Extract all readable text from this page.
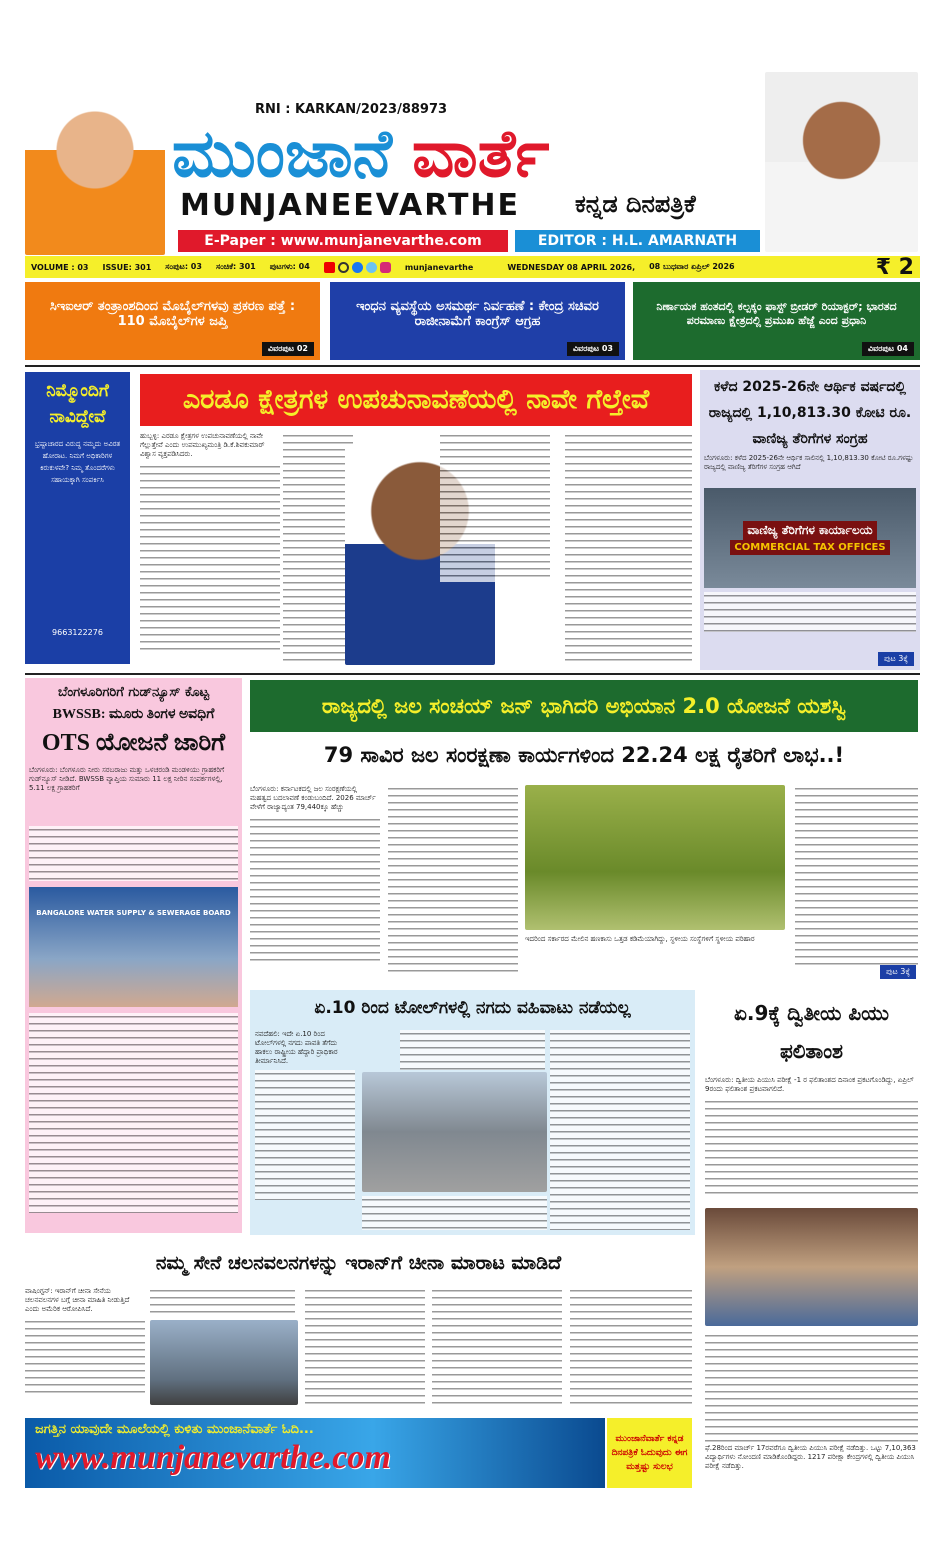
RNI : KARKAN/2023/88973
ಮುಂಜಾನೆ ವಾರ್ತೆ
MUNJANEEVARTHE ಕನ್ನಡ ದಿನಪತ್ರಿಕೆ
E-Paper : www.munjanevarthe.com	EDITOR : H.L. AMARNATH
VOLUME : 03 ISSUE: 301 ಸಂಪುಟ: 03 ಸಂಚಿಕೆ: 301 ಪುಟಗಳು: 04	munjanevarthe	WEDNESDAY 08 APRIL 2026, 08 ಬುಧವಾರ ಏಪ್ರಿಲ್ 2026	₹ 2
ಸಿಇಐಆರ್ ತಂತ್ರಾಂಶದಿಂದ ಮೊಬೈಲ್‌ಗಳವು ಪ್ರಕರಣ ಪತ್ತೆ : 110 ಮೊಬೈಲ್‌ಗಳ ಜಪ್ತಿ
ವಿವರಪುಟ 02
ಇಂಧನ ವ್ಯವಸ್ಥೆಯ ಅಸಮರ್ಥ ನಿರ್ವಹಣೆ : ಕೇಂದ್ರ ಸಚಿವರ ರಾಜೀನಾಮೆಗೆ ಕಾಂಗ್ರೆಸ್ ಆಗ್ರಹ
ವಿವರಪುಟ 03
ನಿರ್ಣಾಯಕ ಹಂತದಲ್ಲಿ ಕಲ್ಪಕ್ಕಂ ಫಾಸ್ಟ್ ಬ್ರೀಡರ್ ರಿಯಾಕ್ಟರ್; ಭಾರತದ ಪರಮಾಣು ಕ್ಷೇತ್ರದಲ್ಲಿ ಪ್ರಮುಖ ಹೆಜ್ಜೆ ಎಂದ ಪ್ರಧಾನಿ
ವಿವರಪುಟ 04
ನಿಮ್ಮೊಂದಿಗೆ ನಾವಿದ್ದೇವೆ
ಭ್ರಷ್ಟಾಚಾರದ ವಿರುದ್ಧ ನಮ್ಮದು ಅವಿರತ ಹೋರಾಟ. ನಿಮಗೆ ಅಧಿಕಾರಿಗಳ ಕಿರುಕುಳವೇ? ನಿಮ್ಮ ತೊಂದರೆಗಳು ಸಹಾಯಕ್ಕಾಗಿ ಸಂಪರ್ಕಿಸಿ
9663122276
ಎರಡೂ ಕ್ಷೇತ್ರಗಳ ಉಪಚುನಾವಣೆಯಲ್ಲಿ ನಾವೇ ಗೆಲ್ತೇವೆ
ಹುಬ್ಬಳ್ಳಿ: ಎರಡೂ ಕ್ಷೇತ್ರಗಳ ಉಪಚುನಾವಣೆಯಲ್ಲಿ ನಾವೇ ಗೆಲ್ಲುತ್ತೇವೆ ಎಂದು ಉಪಮುಖ್ಯಮಂತ್ರಿ ಡಿ.ಕೆ.ಶಿವಕುಮಾರ್ ವಿಶ್ವಾಸ ವ್ಯಕ್ತಪಡಿಸಿದರು.
ಕಳೆದ 2025-26ನೇ ಆರ್ಥಿಕ ವರ್ಷದಲ್ಲಿ ರಾಜ್ಯದಲ್ಲಿ 1,10,813.30 ಕೋಟಿ ರೂ. ವಾಣಿಜ್ಯ ತೆರಿಗೆಗಳ ಸಂಗ್ರಹ
ಬೆಂಗಳೂರು: ಕಳೆದ 2025-26ನೇ ಆರ್ಥಿಕ ಸಾಲಿನಲ್ಲಿ 1,10,813.30 ಕೋಟಿ ರೂ.ಗಳಷ್ಟು ರಾಜ್ಯದಲ್ಲಿ ವಾಣಿಜ್ಯ ತೆರಿಗೆಗಳ ಸಂಗ್ರಹ ಆಗಿದೆ
ವಾಣಿಜ್ಯ ತೆರಿಗೆಗಳ ಕಾರ್ಯಾಲಯ
COMMERCIAL TAX OFFICES
ಪುಟ 3ಕ್ಕೆ
ಬೆಂಗಳೂರಿಗರಿಗೆ ಗುಡ್‌ನ್ಯೂಸ್ ಕೊಟ್ಟ
BWSSB: ಮೂರು ತಿಂಗಳ ಅವಧಿಗೆ
OTS ಯೋಜನೆ ಜಾರಿಗೆ
ಬೆಂಗಳೂರು: ಬೆಂಗಳೂರು ನೀರು ಸರಬರಾಜು ಮತ್ತು ಒಳಚರಂಡಿ ಮಂಡಳಿಯು ಗ್ರಾಹಕರಿಗೆ ಗುಡ್‌ನ್ಯೂಸ್ ನೀಡಿದೆ. BWSSB ವ್ಯಾಪ್ತಿಯ ಸುಮಾರು 11 ಲಕ್ಷ ನೀರಿನ ಸಂಪರ್ಕಗಳಲ್ಲಿ, 5.11 ಲಕ್ಷ ಗ್ರಾಹಕರಿಗೆ
BANGALORE WATER SUPPLY & SEWERAGE BOARD
ರಾಜ್ಯದಲ್ಲಿ ಜಲ ಸಂಚಯ್ ಜನ್ ಭಾಗಿದರಿ ಅಭಿಯಾನ 2.0 ಯೋಜನೆ ಯಶಸ್ವಿ
79 ಸಾವಿರ ಜಲ ಸಂರಕ್ಷಣಾ ಕಾರ್ಯಗಳಿಂದ 22.24 ಲಕ್ಷ ರೈತರಿಗೆ ಲಾಭ..!
ಬೆಂಗಳೂರು: ಕರ್ನಾಟಕದಲ್ಲಿ ಜಲ ಸಂರಕ್ಷಣೆಯಲ್ಲಿ ಮಹತ್ವದ ಬದಲಾವಣೆ ಕಂಡುಬಂದಿದೆ. 2026 ಮಾರ್ಚ್ ವೇಳೆಗೆ ರಾಜ್ಯಾದ್ಯಂತ 79,440ಕ್ಕೂ ಹೆಚ್ಚು
ಇದರಿಂದ ಸರ್ಕಾರದ ಮೇಲಿನ ಹಣಕಾಸು ಒತ್ತಡ ಕಡಿಮೆಯಾಗಿದ್ದು, ಸ್ಥಳೀಯ ಸಂಸ್ಥೆಗಳಿಗೆ ಸ್ಥಳೀಯ ಪರಿಹಾರ
ಪುಟ 3ಕ್ಕೆ
ಏ.10 ರಿಂದ ಟೋಲ್‌ಗಳಲ್ಲಿ ನಗದು ವಹಿವಾಟು ನಡೆಯಲ್ಲ
ನವದೆಹಲಿ: ಇದೇ ಏ.10 ರಿಂದ ಟೋಲ್‌ಗಳಲ್ಲಿ ನಗದು ಪಾವತಿ ತೆಗೆದು ಹಾಕಲು ರಾಷ್ಟ್ರೀಯ ಹೆದ್ದಾರಿ ಪ್ರಾಧಿಕಾರ ತೀರ್ಮಾನಿಸಿದೆ.
ಏ.9ಕ್ಕೆ ದ್ವಿತೀಯ ಪಿಯು ಫಲಿತಾಂಶ
ಬೆಂಗಳೂರು: ದ್ವಿತೀಯ ಪಿಯುಸಿ ಪರೀಕ್ಷೆ -1 ರ ಫಲಿತಾಂಶದ ದಿನಾಂಕ ಪ್ರಕಟಗೊಂಡಿದ್ದು, ಏಪ್ರಿಲ್ 9ರಂದು ಫಲಿತಾಂಶ ಪ್ರಕಟವಾಗಲಿದೆ.
ಫೆ.28ರಿಂದ ಮಾರ್ಚ್ 17ರವರೆಗೂ ದ್ವಿತೀಯ ಪಿಯುಸಿ ಪರೀಕ್ಷೆ ನಡೆದಿತ್ತು. ಒಟ್ಟು 7,10,363 ವಿದ್ಯಾರ್ಥಿಗಳು ನೋಂದಣಿ ಮಾಡಿಕೊಂಡಿದ್ದರು. 1217 ಪರೀಕ್ಷಾ ಕೇಂದ್ರಗಳಲ್ಲಿ ದ್ವಿತೀಯ ಪಿಯುಸಿ ಪರೀಕ್ಷೆ ನಡೆದಿತ್ತು.
ನಮ್ಮ ಸೇನೆ ಚಲನವಲನಗಳನ್ನು ಇರಾನ್‌ಗೆ ಚೀನಾ ಮಾರಾಟ ಮಾಡಿದೆ
ವಾಷಿಂಗ್ಟನ್: ಇರಾನ್‌ಗೆ ಚೀನಾ ಸೇನೆಯ ಚಲನವಲನಗಳ ಬಗ್ಗೆ ಚೀನಾ ಮಾಹಿತಿ ನೀಡುತ್ತಿದೆ ಎಂದು ಅಮೆರಿಕ ಆರೋಪಿಸಿದೆ.
ಜಗತ್ತಿನ ಯಾವುದೇ ಮೂಲೆಯಲ್ಲಿ ಕುಳಿತು ಮುಂಜಾನೆವಾರ್ತೆ ಓದಿ...
www.munjanevarthe.com	ಮುಂಜಾನೆವಾರ್ತೆ ಕನ್ನಡ ದಿನಪತ್ರಿಕೆ ಓದುವುದು ಈಗ ಮತ್ತಷ್ಟು ಸುಲಭ
